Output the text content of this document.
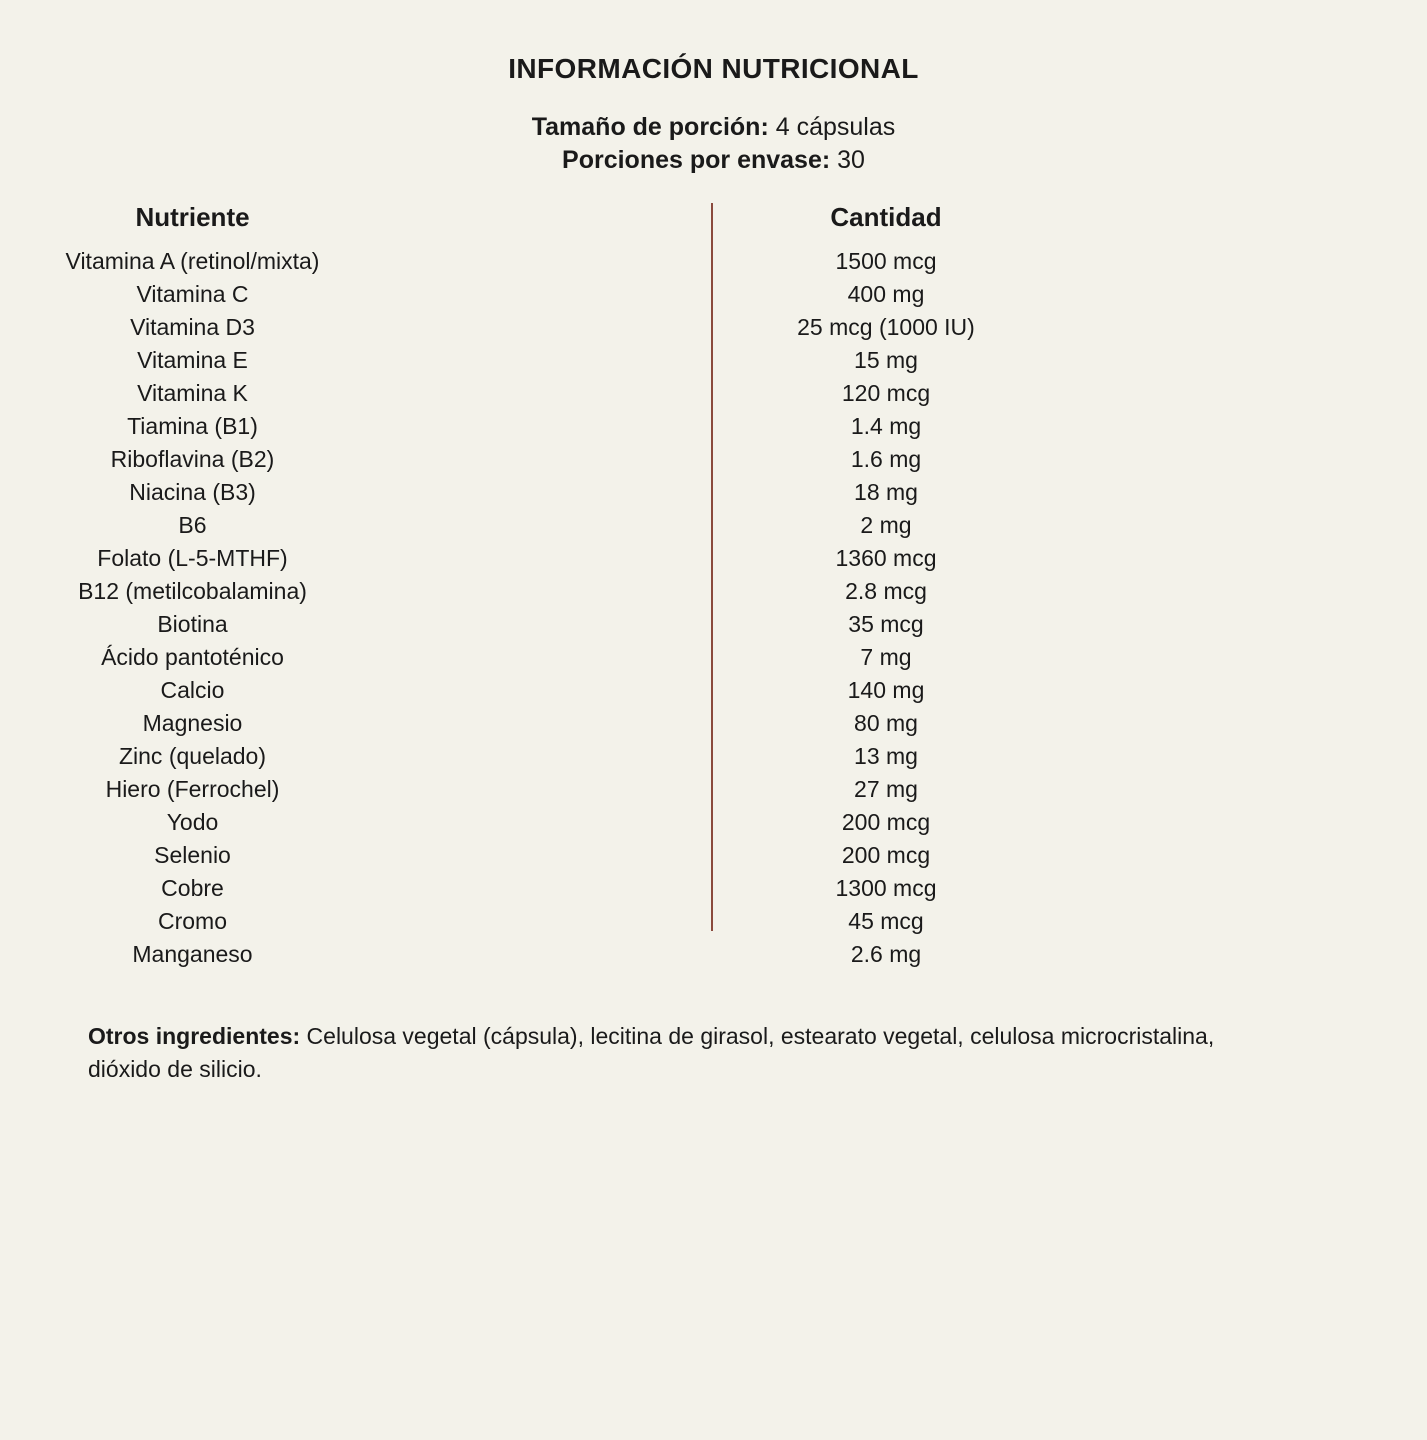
INFORMACIÓN NUTRICIONAL
Tamaño de porción: 4 cápsulas
Porciones por envase: 30
Nutriente	Cantidad
Vitamina A (retinol/mixta)	1500 mcg
Vitamina C	400 mg
Vitamina D3	25 mcg (1000 IU)
Vitamina E	15 mg
Vitamina K	120 mcg
Tiamina (B1)	1.4 mg
Riboflavina (B2)	1.6 mg
Niacina (B3)	18 mg
B6	2 mg
Folato (L-5-MTHF)	1360 mcg
B12 (metilcobalamina)	2.8 mcg
Biotina	35 mcg
Ácido pantoténico	7 mg
Calcio	140 mg
Magnesio	80 mg
Zinc (quelado)	13 mg
Hiero (Ferrochel)	27 mg
Yodo	200 mcg
Selenio	200 mcg
Cobre	1300 mcg
Cromo	45 mcg
Manganeso	2.6 mg

Otros ingredientes: Celulosa vegetal (cápsula), lecitina de girasol, estearato vegetal, celulosa microcristalina, dióxido de silicio.
